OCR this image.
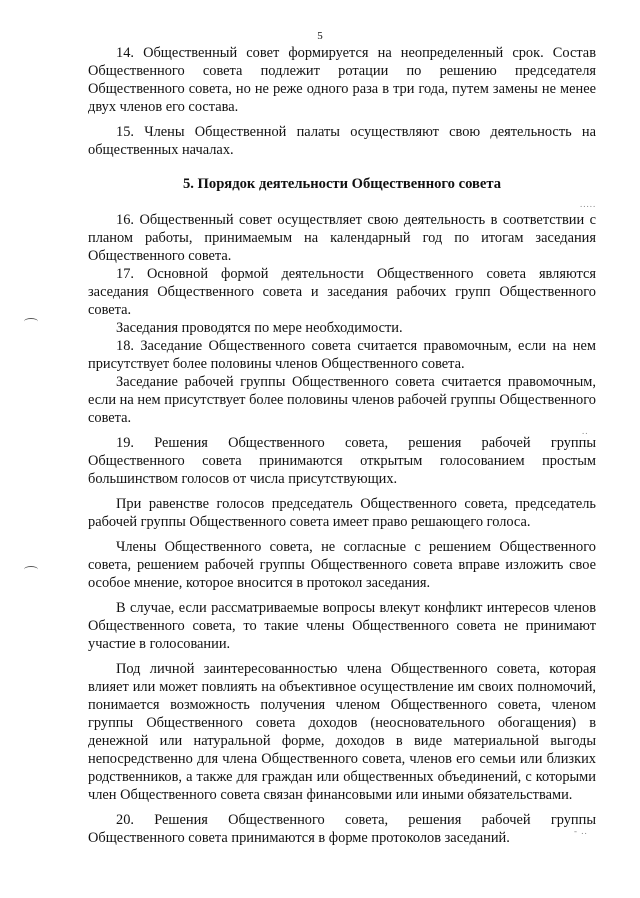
5

14. Общественный совет формируется на неопределенный срок. Состав Общественного совета подлежит ротации по решению председателя Общественного совета, но не реже одного раза в три года, путем замены не менее двух членов его состава.

15. Члены Общественной палаты осуществляют свою деятельность на общественных началах.

5. Порядок деятельности Общественного совета

16. Общественный совет осуществляет свою деятельность в соответствии с планом работы, принимаемым на календарный год по итогам заседания Общественного совета.

17. Основной формой деятельности Общественного совета являются заседания Общественного совета и заседания рабочих групп Общественного совета.

Заседания проводятся по мере необходимости.

18. Заседание Общественного совета считается правомочным, если на нем присутствует более половины членов Общественного совета.

Заседание рабочей группы Общественного совета считается правомочным, если на нем присутствует более половины членов рабочей группы Общественного совета.

19. Решения Общественного совета, решения рабочей группы Общественного совета принимаются открытым голосованием простым большинством голосов от числа присутствующих.

При равенстве голосов председатель Общественного совета, председатель рабочей группы Общественного совета имеет право решающего голоса.

Члены Общественного совета, не согласные с решением Общественного совета, решением рабочей группы Общественного совета вправе изложить свое особое мнение, которое вносится в протокол заседания.

В случае, если рассматриваемые вопросы влекут конфликт интересов членов Общественного совета, то такие члены Общественного совета не принимают участие в голосовании.

Под личной заинтересованностью члена Общественного совета, которая влияет или может повлиять на объективное осуществление им своих полномочий, понимается возможность получения членом Общественного совета, членом группы Общественного совета доходов (неосновательного обогащения) в денежной или натуральной форме, доходов в виде материальной выгоды непосредственно для члена Общественного совета, членов его семьи или близких родственников, а также для граждан или общественных объединений, с которыми член Общественного совета связан финансовыми или иными обязательствами.

20. Решения Общественного совета, решения рабочей группы Общественного совета принимаются в форме протоколов заседаний.

.....
..
- ..
